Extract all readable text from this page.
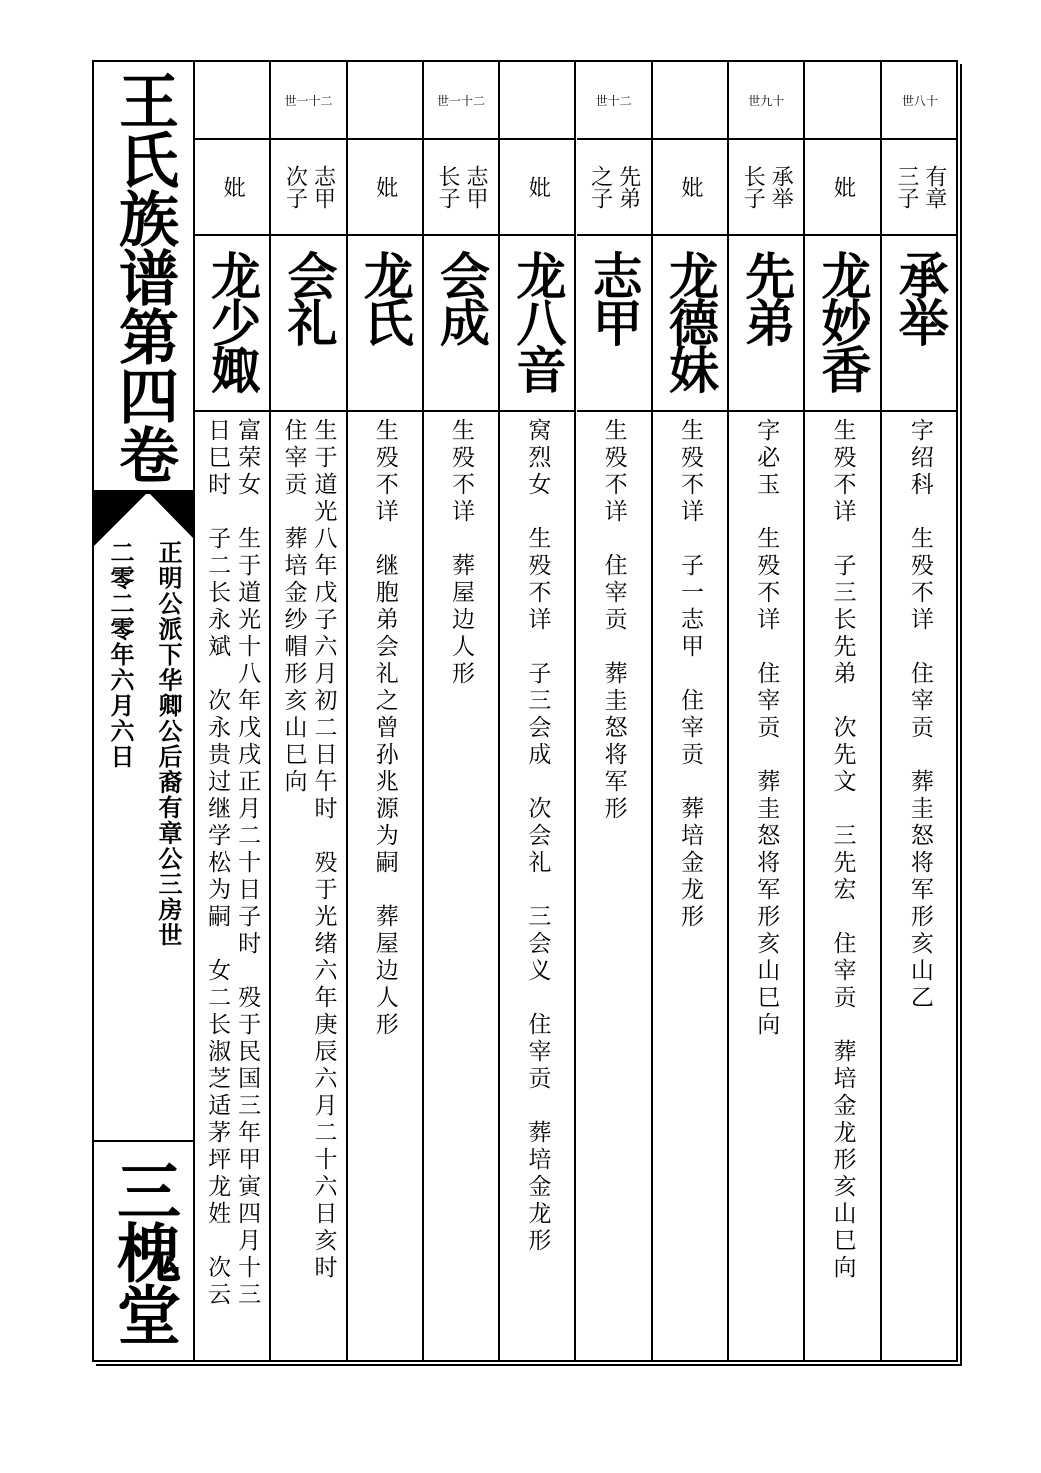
王氏族谱第四卷
正明公派下华卿公后裔有章公三房世
二零二零年六月六日
三槐堂
世八十
有章
三子
承举
字绍科　生殁不详　住宰贡　葬圭怒将军形亥山乙
妣
龙妙香
生殁不详　子三长先弟　次先文　三先宏　住宰贡　葬培金龙形亥山巳向
世九十
承举
长子
先弟
字必玉　生殁不详　住宰贡　葬圭怒将军形亥山巳向
妣
龙德妹
生殁不详　子一志甲　住宰贡　葬培金龙形
世十二
先弟
之子
志甲
生殁不详　住宰贡　葬圭怒将军形
妣
龙八音
窝烈女　生殁不详　子三会成　次会礼　三会义　住宰贡　葬培金龙形
世一十二
志甲
长子
会成
生殁不详　葬屋边人形
妣
龙氏
生殁不详　继胞弟会礼之曾孙兆源为嗣　葬屋边人形
世一十二
志甲
次子
会礼
生于道光八年戊子六月初二日午时　殁于光绪六年庚辰六月二十六日亥时
住宰贡　葬培金纱帽形亥山巳向
妣
龙少娵
富荣女　生于道光十八年戊戌正月二十日子时　殁于民国三年甲寅四月十三
日巳时　子二长永斌　次永贵过继学松为嗣　女二长淑芝适茅坪龙姓　次云
